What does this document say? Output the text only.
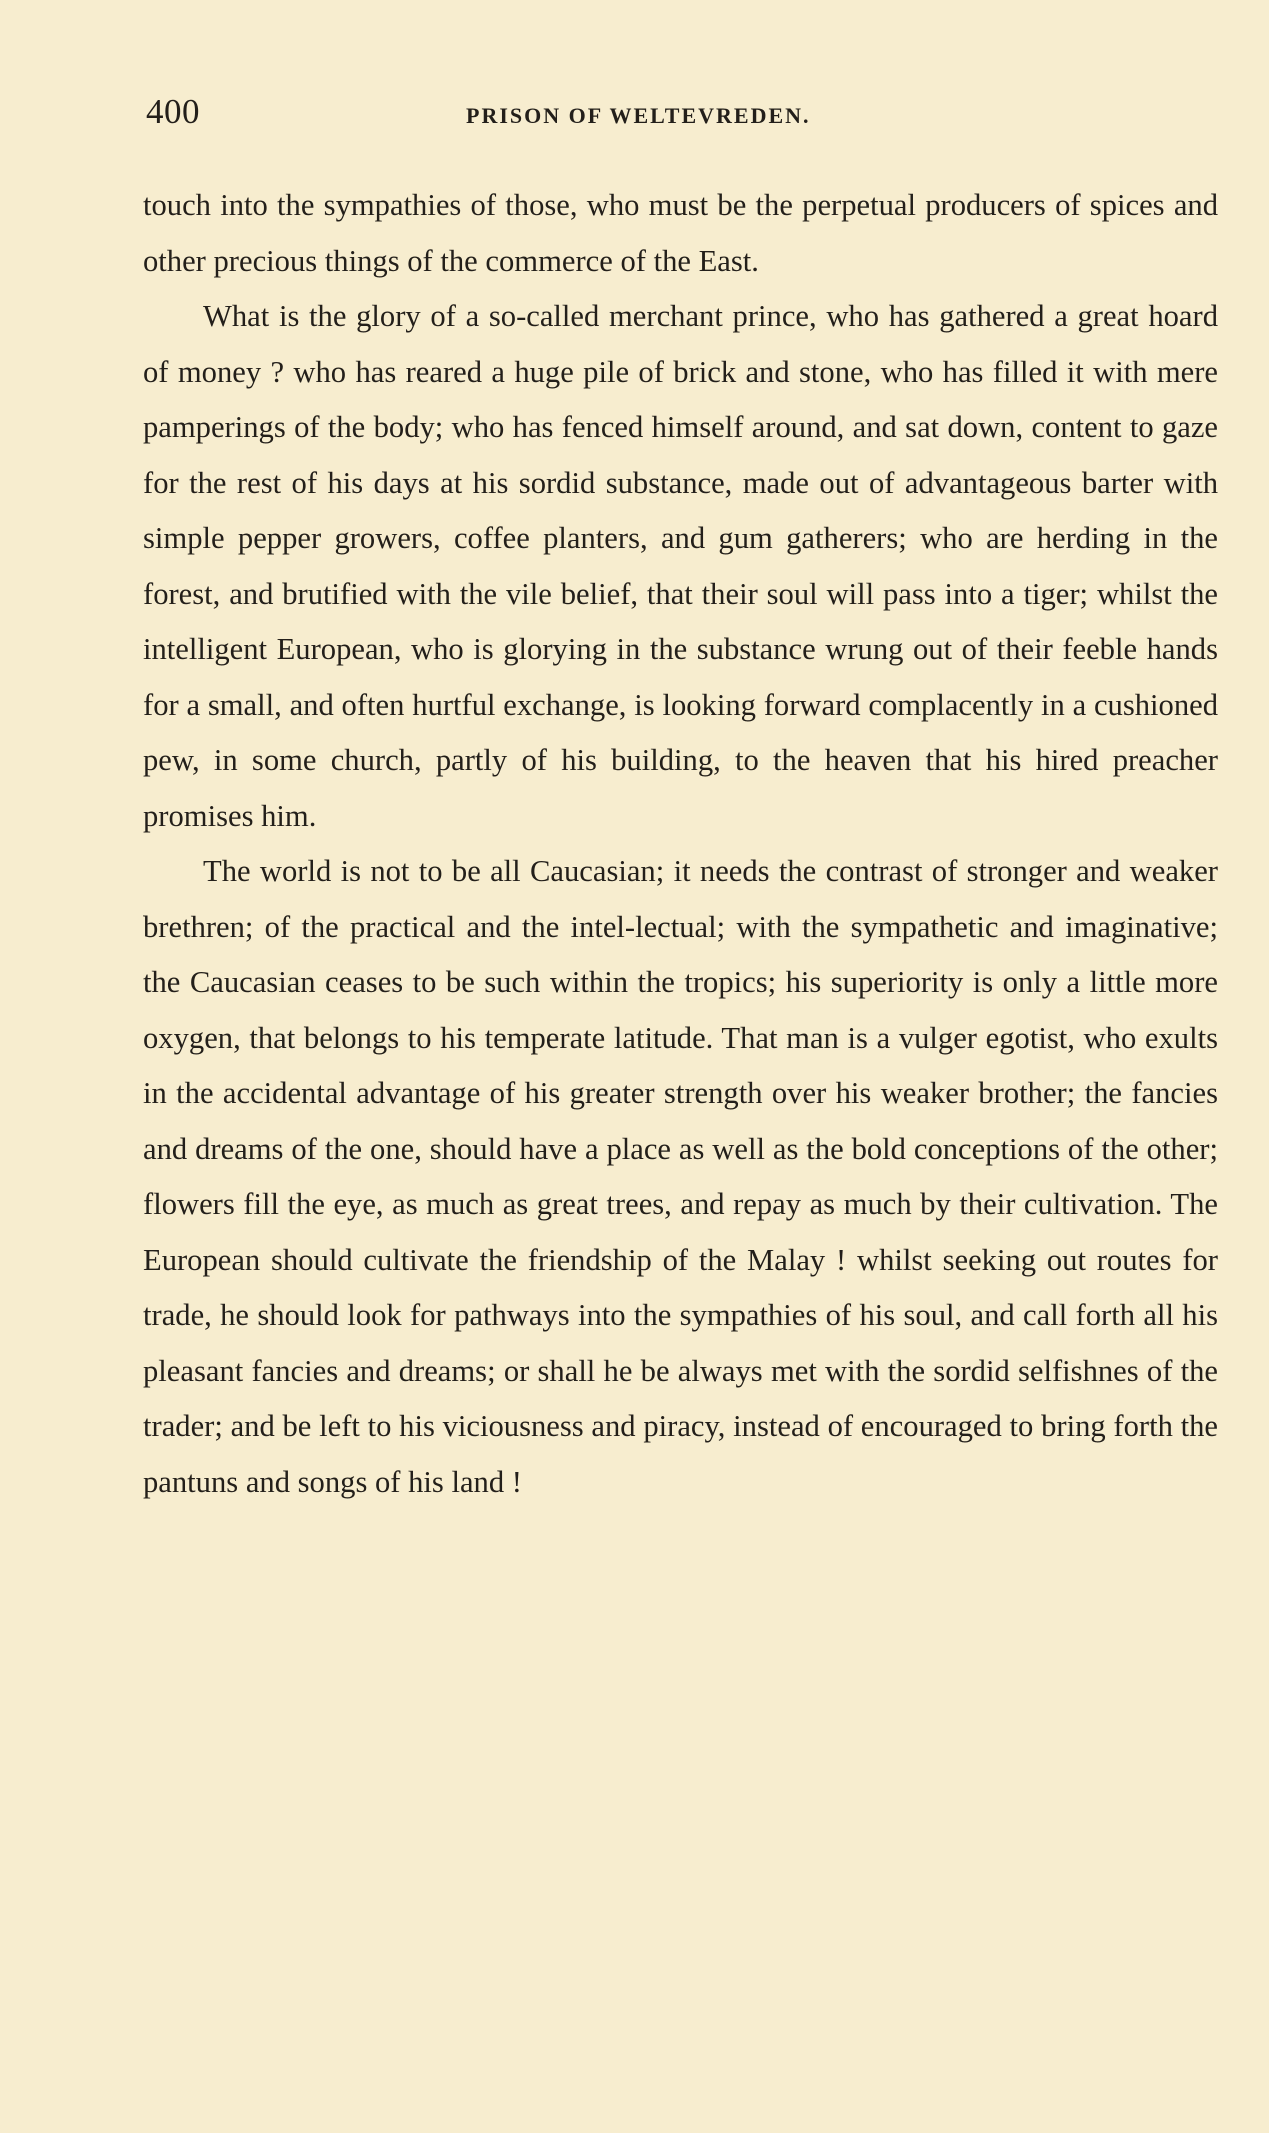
400	PRISON OF WELTEVREDEN.

touch into the sympathies of those, who must be the perpetual producers of spices and other precious things of the commerce of the East.

What is the glory of a so-called merchant prince, who has gathered a great hoard of money ? who has reared a huge pile of brick and stone, who has filled it with mere pamperings of the body; who has fenced himself around, and sat down, content to gaze for the rest of his days at his sordid substance, made out of advantageous barter with simple pepper growers, coffee planters, and gum gatherers; who are herding in the forest, and brutified with the vile belief, that their soul will pass into a tiger; whilst the intelligent European, who is glorying in the substance wrung out of their feeble hands for a small, and often hurtful exchange, is looking forward complacently in a cushioned pew, in some church, partly of his building, to the heaven that his hired preacher promises him.

The world is not to be all Caucasian; it needs the contrast of stronger and weaker brethren; of the practical and the intel-lectual; with the sympathetic and imaginative; the Caucasian ceases to be such within the tropics; his superiority is only a little more oxygen, that belongs to his temperate latitude. That man is a vulger egotist, who exults in the accidental advantage of his greater strength over his weaker brother; the fancies and dreams of the one, should have a place as well as the bold conceptions of the other; flowers fill the eye, as much as great trees, and repay as much by their cultivation. The European should cultivate the friendship of the Malay ! whilst seeking out routes for trade, he should look for pathways into the sympathies of his soul, and call forth all his pleasant fancies and dreams; or shall he be always met with the sordid selfishnes of the trader; and be left to his viciousness and piracy, instead of encouraged to bring forth the pantuns and songs of his land !
